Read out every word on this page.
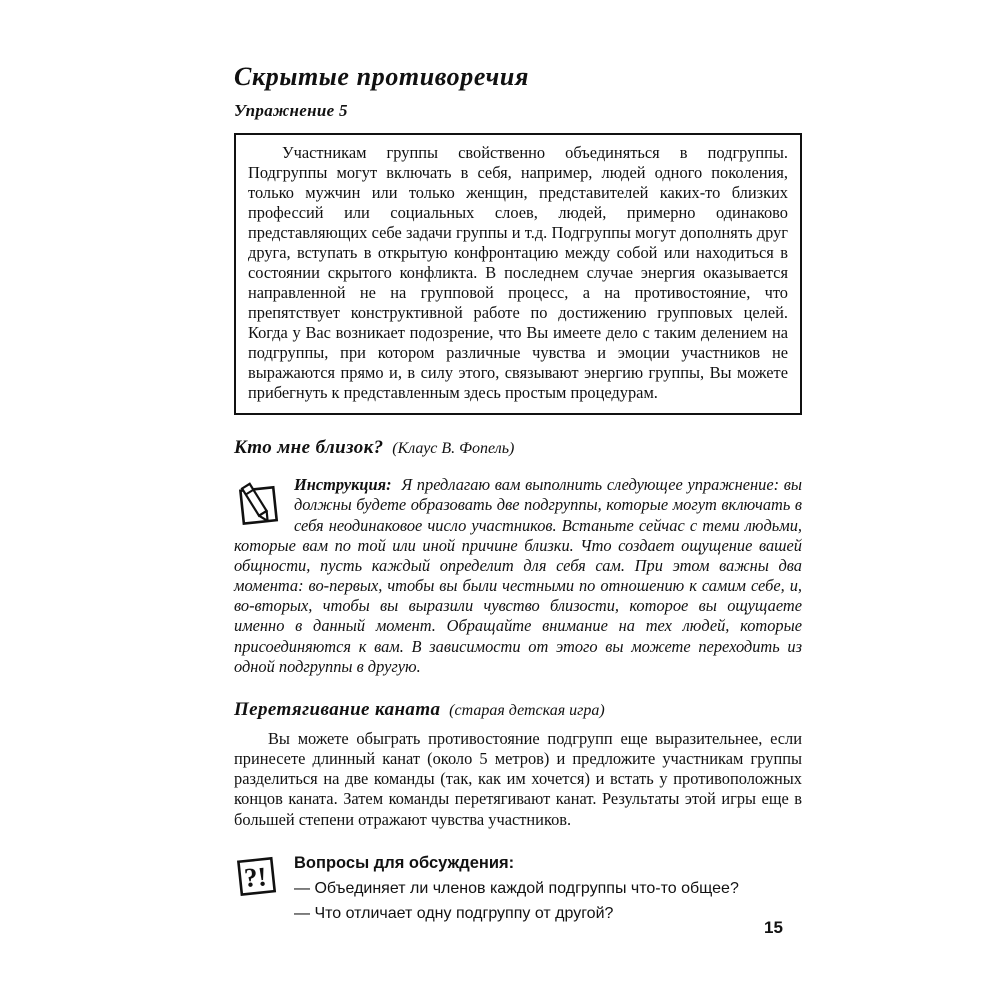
Скрытые противоречия
Упражнение 5

Участникам группы свойственно объединяться в подгруппы. Подгруппы могут включать в себя, например, людей одного поколения, только мужчин или только женщин, представителей каких-то близких профессий или социальных слоев, людей, примерно одинаково представляющих себе задачи группы и т.д. Подгруппы могут дополнять друг друга, вступать в открытую конфронтацию между собой или находиться в состоянии скрытого конфликта. В последнем случае энергия оказывается направленной не на групповой процесс, а на противостояние, что препятствует конструктивной работе по достижению групповых целей. Когда у Вас возникает подозрение, что Вы имеете дело с таким делением на подгруппы, при котором различные чувства и эмоции участников не выражаются прямо и, в силу этого, связывают энергию группы, Вы можете прибегнуть к представленным здесь простым процедурам.

Кто мне близок? (Клаус В. Фопель)

Инструкция: Я предлагаю вам выполнить следующее упражнение: вы должны будете образовать две подгруппы, которые могут включать в себя неодинаковое число участников. Встаньте сейчас с теми людьми, которые вам по той или иной причине близки. Что создает ощущение вашей общности, пусть каждый определит для себя сам. При этом важны два момента: во-первых, чтобы вы были честными по отношению к самим себе, и, во-вторых, чтобы вы выразили чувство близости, которое вы ощущаете именно в данный момент. Обращайте внимание на тех людей, которые присоединяются к вам. В зависимости от этого вы можете переходить из одной подгруппы в другую.

Перетягивание каната (старая детская игра)

Вы можете обыграть противостояние подгрупп еще выразительнее, если принесете длинный канат (около 5 метров) и предложите участникам группы разделиться на две команды (так, как им хочется) и встать у противоположных концов каната. Затем команды перетягивают канат. Результаты этой игры еще в большей степени отражают чувства участников.

?! Вопросы для обсуждения:
— Объединяет ли членов каждой подгруппы что-то общее?
— Что отличает одну подгруппу от другой?
15
